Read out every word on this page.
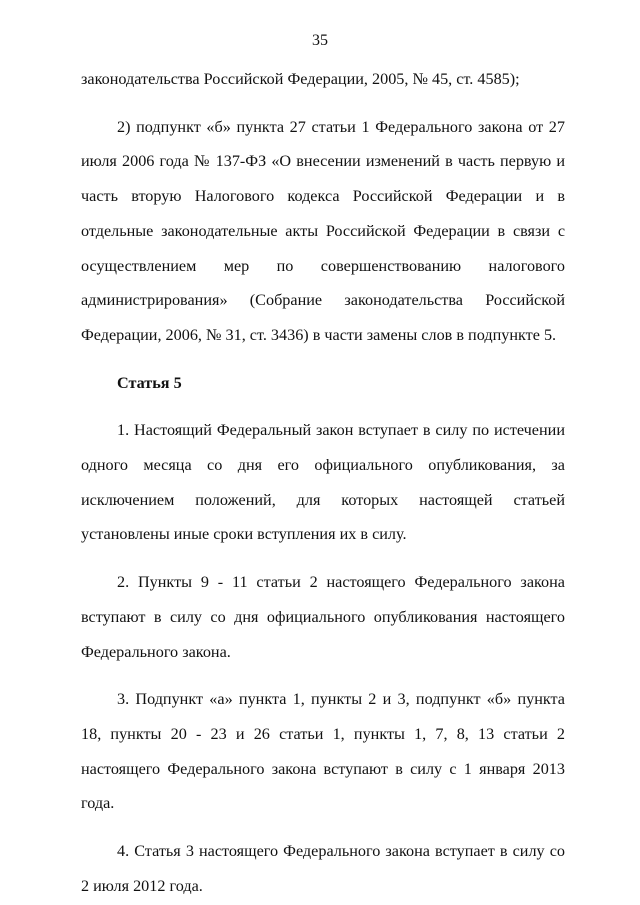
35

законодательства Российской Федерации, 2005, № 45, ст. 4585);

2) подпункт «б» пункта 27 статьи 1 Федерального закона от 27 июля 2006 года № 137-ФЗ «О внесении изменений в часть первую и часть вторую Налогового кодекса Российской Федерации и в отдельные законодательные акты Российской Федерации в связи с осуществлением мер по совершенствованию налогового администрирования» (Собрание законодательства Российской Федерации, 2006, № 31, ст. 3436) в части замены слов в подпункте 5.

Статья 5

1. Настоящий Федеральный закон вступает в силу по истечении одного месяца со дня его официального опубликования, за исключением положений, для которых настоящей статьей установлены иные сроки вступления их в силу.

2. Пункты 9 - 11 статьи 2 настоящего Федерального закона вступают в силу со дня официального опубликования настоящего Федерального закона.

3. Подпункт «а» пункта 1, пункты 2 и 3, подпункт «б» пункта 18, пункты 20 - 23 и 26 статьи 1, пункты 1, 7, 8, 13 статьи 2 настоящего Федерального закона вступают в силу с 1 января 2013 года.

4. Статья 3 настоящего Федерального закона вступает в силу со 2 июля 2012 года.
